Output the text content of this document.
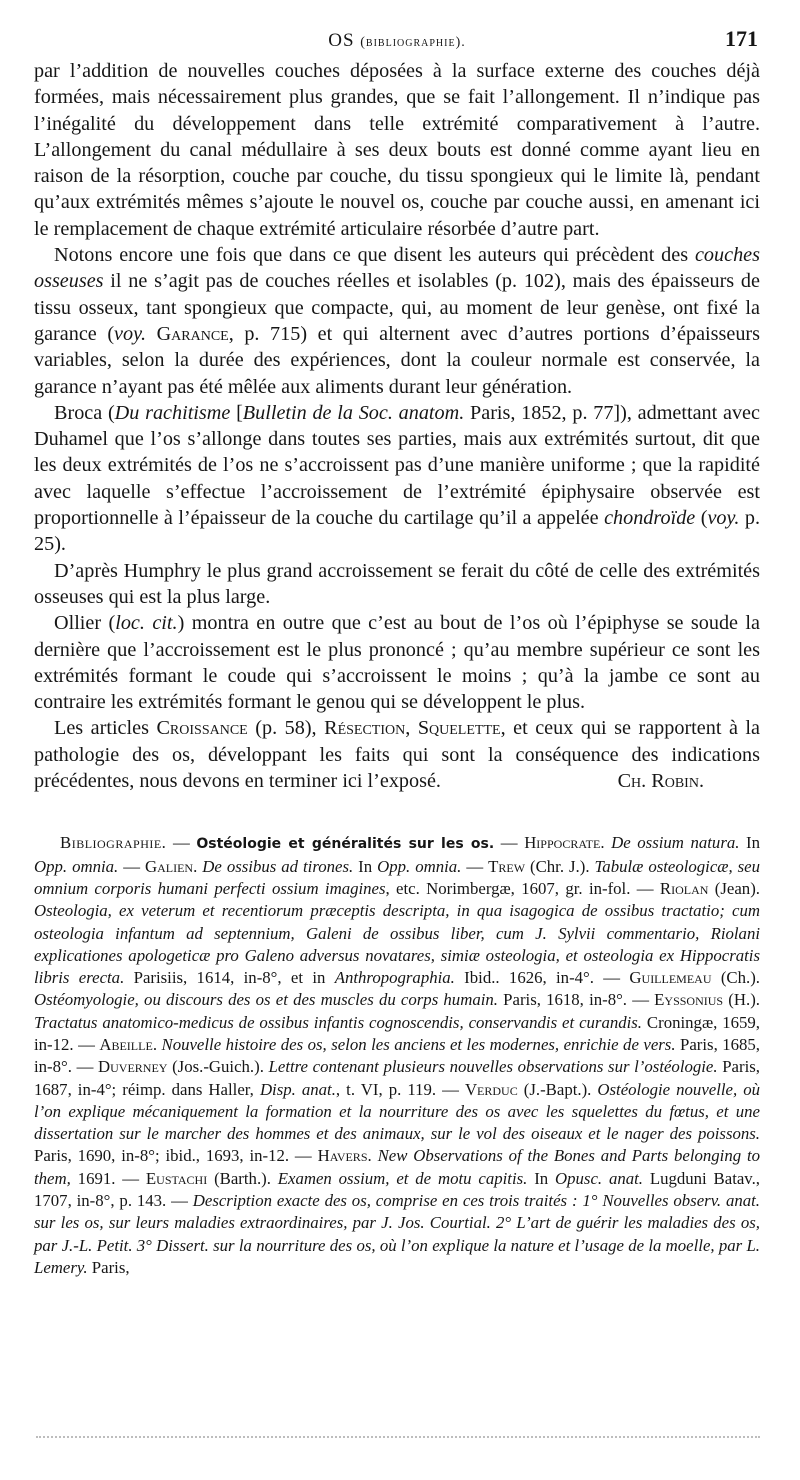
OS (bibliographie).	171

par l’addition de nouvelles couches déposées à la surface externe des couches déjà formées, mais nécessairement plus grandes, que se fait l’allongement. Il n’indique pas l’inégalité du développement dans telle extrémité comparativement à l’autre. L’allongement du canal médullaire à ses deux bouts est donné comme ayant lieu en raison de la résorption, couche par couche, du tissu spongieux qui le limite là, pendant qu’aux extrémités mêmes s’ajoute le nouvel os, couche par couche aussi, en amenant ici le remplacement de chaque extrémité articulaire résorbée d’autre part.

Notons encore une fois que dans ce que disent les auteurs qui précèdent des couches osseuses il ne s’agit pas de couches réelles et isolables (p. 102), mais des épaisseurs de tissu osseux, tant spongieux que compacte, qui, au moment de leur genèse, ont fixé la garance (voy. Garance, p. 715) et qui alternent avec d’autres portions d’épaisseurs variables, selon la durée des expériences, dont la couleur normale est conservée, la garance n’ayant pas été mêlée aux aliments durant leur génération.

Broca (Du rachitisme [Bulletin de la Soc. anatom. Paris, 1852, p. 77]), admettant avec Duhamel que l’os s’allonge dans toutes ses parties, mais aux extrémités surtout, dit que les deux extrémités de l’os ne s’accroissent pas d’une manière uniforme ; que la rapidité avec laquelle s’effectue l’accroissement de l’extrémité épiphysaire observée est proportionnelle à l’épaisseur de la couche du cartilage qu’il a appelée chondroïde (voy. p. 25).

D’après Humphry le plus grand accroissement se ferait du côté de celle des extrémités osseuses qui est la plus large.

Ollier (loc. cit.) montra en outre que c’est au bout de l’os où l’épiphyse se soude la dernière que l’accroissement est le plus prononcé ; qu’au membre supérieur ce sont les extrémités formant le coude qui s’accroissent le moins ; qu’à la jambe ce sont au contraire les extrémités formant le genou qui se développent le plus.

Les articles Croissance (p. 58), Résection, Squelette, et ceux qui se rapportent à la pathologie des os, développant les faits qui sont la conséquence des indications précédentes, nous devons en terminer ici l’exposé.	Ch. Robin.

Bibliographie. — Ostéologie et généralités sur les os. — Hippocrate. De ossium natura. In Opp. omnia. — Galien. De ossibus ad tirones. In Opp. omnia. — Trew (Chr. J.). Tabulæ osteologicæ, seu omnium corporis humani perfecti ossium imagines, etc. Norimbergæ, 1607, gr. in-fol. — Riolan (Jean). Osteologia, ex veterum et recentiorum præceptis descripta, in qua isagogica de ossibus tractatio; cum osteologia infantum ad septennium, Galeni de ossibus liber, cum J. Sylvii commentario, Riolani explicationes apologeticæ pro Galeno adversus novatares, simiæ osteologia, et osteologia ex Hippocratis libris erecta. Parisiis, 1614, in-8°, et in Anthropographia. Ibid.. 1626, in-4°. — Guillemeau (Ch.). Ostéomyologie, ou discours des os et des muscles du corps humain. Paris, 1618, in-8°. — Eyssonius (H.). Tractatus anatomico-medicus de ossibus infantis cognoscendis, conservandis et curandis. Croningæ, 1659, in-12. — Abeille. Nouvelle histoire des os, selon les anciens et les modernes, enrichie de vers. Paris, 1685, in-8°. — Duverney (Jos.-Guich.). Lettre contenant plusieurs nouvelles observations sur l’ostéologie. Paris, 1687, in-4°; réimp. dans Haller, Disp. anat., t. VI, p. 119. — Verduc (J.-Bapt.). Ostéologie nouvelle, où l’on explique mécaniquement la formation et la nourriture des os avec les squelettes du fœtus, et une dissertation sur le marcher des hommes et des animaux, sur le vol des oiseaux et le nager des poissons. Paris, 1690, in-8°; ibid., 1693, in-12. — Havers. New Observations of the Bones and Parts belonging to them, 1691. — Eustachi (Barth.). Examen ossium, et de motu capitis. In Opusc. anat. Lugduni Batav., 1707, in-8°, p. 143. — Description exacte des os, comprise en ces trois traités : 1° Nouvelles observ. anat. sur les os, sur leurs maladies extraordinaires, par J. Jos. Courtial. 2° L’art de guérir les maladies des os, par J.-L. Petit. 3° Dissert. sur la nourriture des os, où l’on explique la nature et l’usage de la moelle, par L. Lemery. Paris,
